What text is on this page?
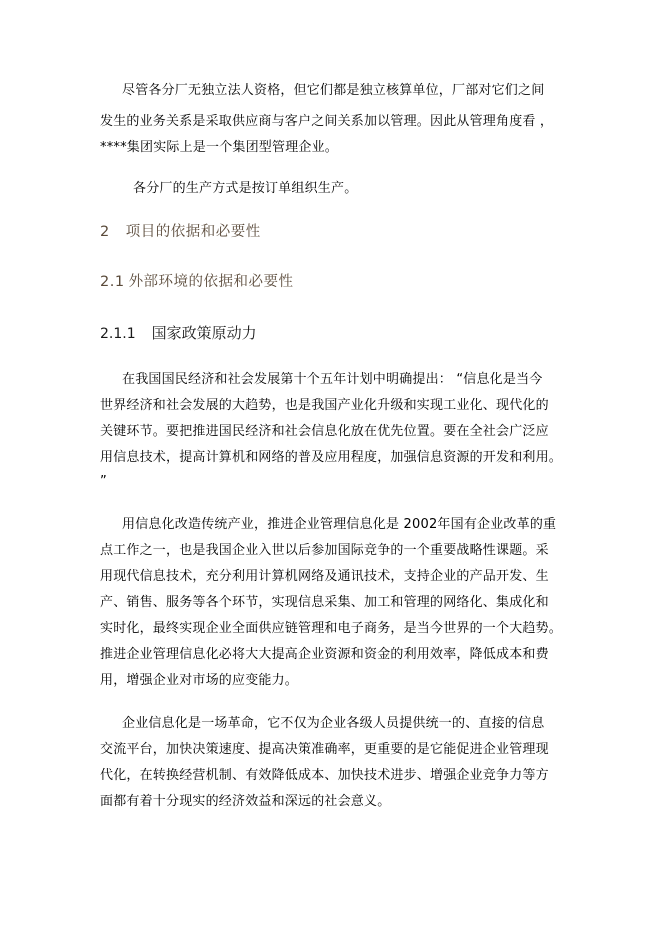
尽管各分厂无独立法人资格，但它们都是独立核算单位，厂部对它们之间
发生的业务关系是采取供应商与客户之间关系加以管理。因此从管理角度看 ，
****集团实际上是一个集团型管理企业。
各分厂的生产方式是按订单组织生产。
2 项目的依据和必要性
2.1 外部环境的依据和必要性
2.1.1 国家政策原动力
在我国国民经济和社会发展第十个五年计划中明确提出： “信息化是当今
世界经济和社会发展的大趋势，也是我国产业化升级和实现工业化、现代化的
关键环节。要把推进国民经济和社会信息化放在优先位置。要在全社会广泛应
用信息技术，提高计算机和网络的普及应用程度，加强信息资源的开发和利用。
”
用信息化改造传统产业，推进企业管理信息化是 2002年国有企业改革的重
点工作之一，也是我国企业入世以后参加国际竞争的一个重要战略性课题。采
用现代信息技术，充分利用计算机网络及通讯技术，支持企业的产品开发、生
产、销售、服务等各个环节，实现信息采集、加工和管理的网络化、集成化和
实时化，最终实现企业全面供应链管理和电子商务，是当今世界的一个大趋势。
推进企业管理信息化必将大大提高企业资源和资金的利用效率，降低成本和费
用，增强企业对市场的应变能力。
企业信息化是一场革命，它不仅为企业各级人员提供统一的、直接的信息
交流平台，加快决策速度、提高决策准确率，更重要的是它能促进企业管理现
代化，在转换经营机制、有效降低成本、加快技术进步、增强企业竞争力等方
面都有着十分现实的经济效益和深远的社会意义。
